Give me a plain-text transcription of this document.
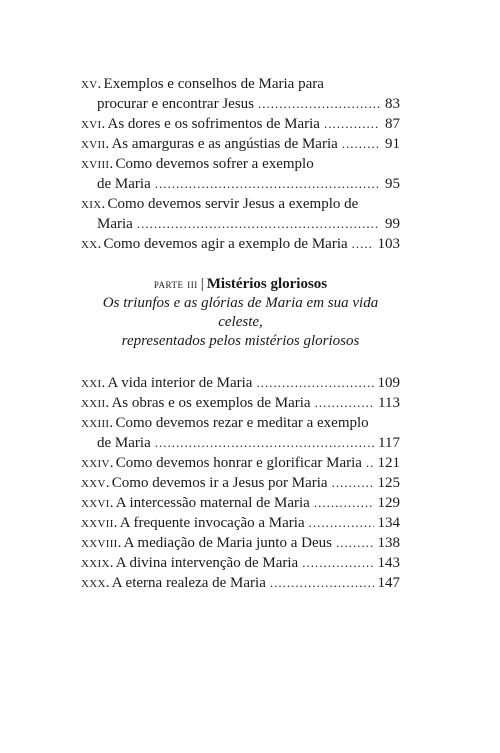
xv. Exemplos e conselhos de Maria para
procurar e encontrar Jesus .....	83
xvi. As dores e os sofrimentos de Maria .....	87
xvii. As amarguras e as angústias de Maria .....	91
xviii. Como devemos sofrer a exemplo
de Maria .....	95
xix. Como devemos servir Jesus a exemplo de
Maria .....	99
xx. Como devemos agir a exemplo de Maria ..... 103
parte iii | Mistérios gloriosos
Os triunfos e as glórias de Maria em sua vida celeste,
representados pelos mistérios gloriosos
xxi. A vida interior de Maria .....	109
xxii. As obras e os exemplos de Maria .....	113
xxiii. Como devemos rezar e meditar a exemplo
de Maria .....	117
xxiv. Como devemos honrar e glorificar Maria ..... 121
xxv. Como devemos ir a Jesus por Maria .....	125
xxvi. A intercessão maternal de Maria .....	129
xxvii. A frequente invocação a Maria .....	134
xxviii. A mediação de Maria junto a Deus .....	138
xxix. A divina intervenção de Maria .....	143
xxx. A eterna realeza de Maria .....	147
